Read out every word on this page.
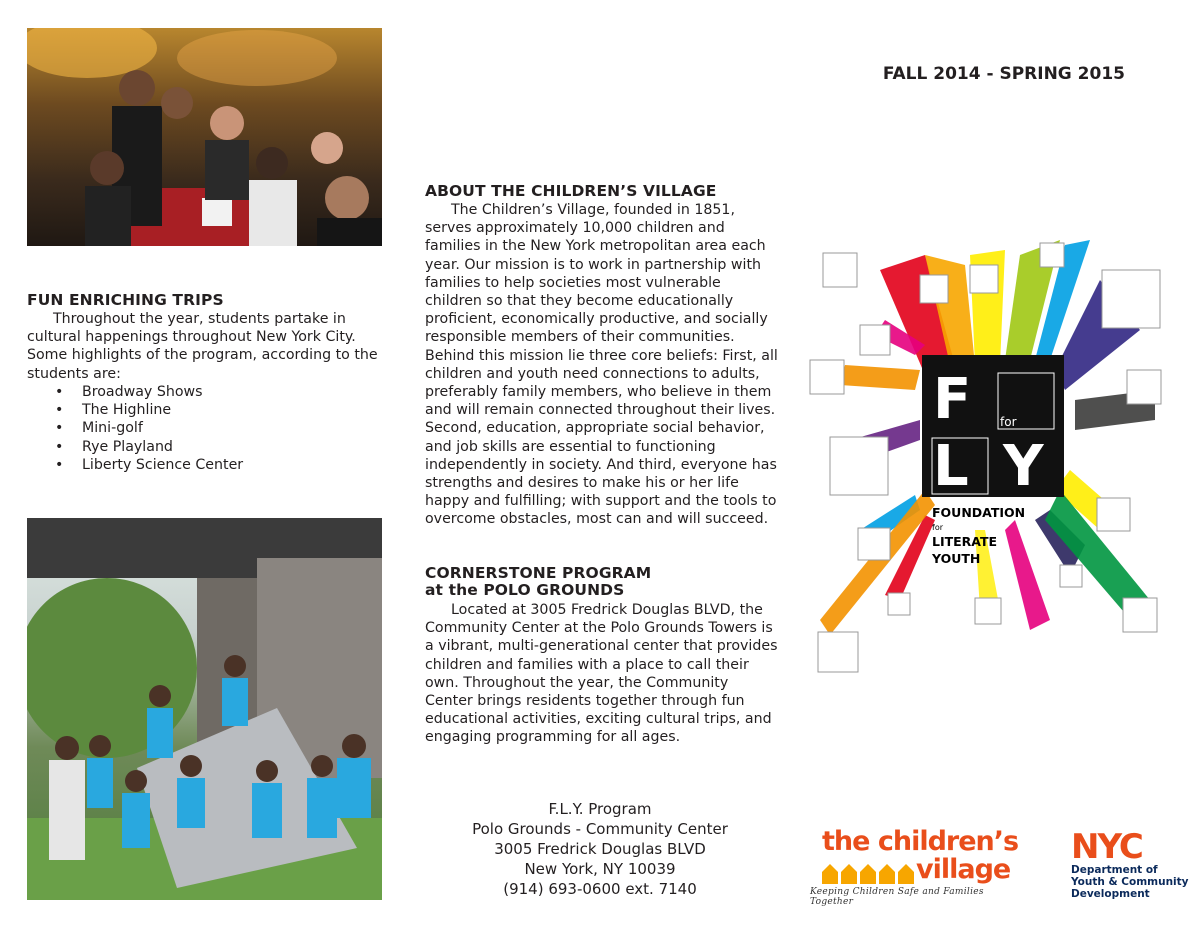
FALL 2014 - SPRING 2015
FUN ENRICHING TRIPS

Throughout the year, students partake in cultural happenings throughout New York City. Some highlights of the program, according to the students are:

• Broadway Shows
• The Highline
• Mini-golf
• Rye Playland
• Liberty Science Center
ABOUT THE CHILDREN’S VILLAGE

The Children’s Village, founded in 1851, serves approximately 10,000 children and families in the New York metropolitan area each year. Our mission is to work in partnership with families to help societies most vulnerable children so that they become educationally proficient, economically productive, and socially responsible members of their communities. Behind this mission lie three core beliefs: First, all children and youth need connections to adults, preferably family members, who believe in them and will remain connected throughout their lives. Second, education, appropriate social behavior, and job skills are essential to functioning independently in society. And third, everyone has strengths and desires to make his or her life happy and fulfilling; with support and the tools to overcome obstacles, most can and will succeed.

CORNERSTONE PROGRAM
at the POLO GROUNDS

Located at 3005 Fredrick Douglas BLVD, the Community Center at the Polo Grounds Towers is a vibrant, multi-generational center that provides children and families with a place to call their own. Throughout the year, the Community Center brings residents together through fun educational activities, exciting cultural trips, and engaging programming for all ages.

F.L.Y. Program
Polo Grounds - Community Center
3005 Fredrick Douglas BLVD
New York, NY 10039
(914) 693-0600 ext. 7140
F for
L Y
FOUNDATION
for
LITERATE
YOUTH
the children’s
village
Keeping Children Safe and Families Together
NYC
Department of
Youth & Community
Development
